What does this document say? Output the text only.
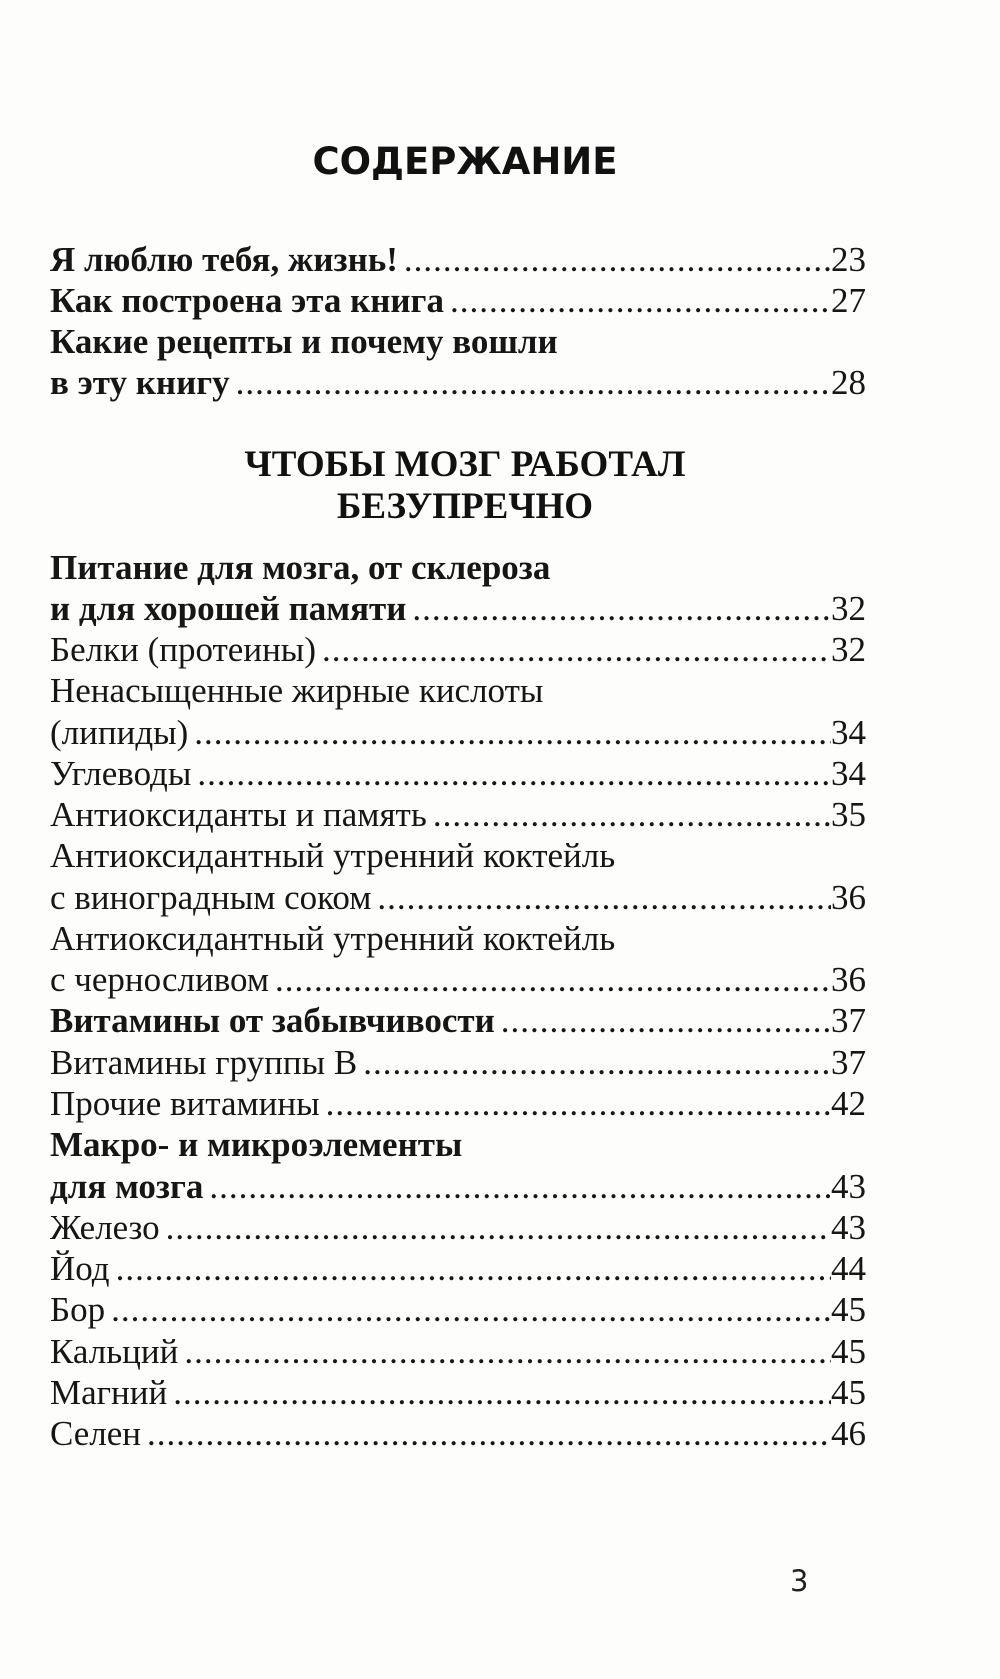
СОДЕРЖАНИЕ
Я люблю тебя, жизнь! .....	23
Как построена эта книга .....	27
Какие рецепты и почему вошли
в эту книгу .....	28
ЧТОБЫ МОЗГ РАБОТАЛ
БЕЗУПРЕЧНО
Питание для мозга, от склероза
и для хорошей памяти .....	32
Белки (протеины) .....	32
Ненасыщенные жирные кислоты
(липиды) .....	34
Углеводы .....	34
Антиоксиданты и память .....	35
Антиоксидантный утренний коктейль
с виноградным соком .....	36
Антиоксидантный утренний коктейль
с черносливом .....	36
Витамины от забывчивости .....	37
Витамины группы В .....	37
Прочие витамины .....	42
Макро- и микроэлементы
для мозга .....	43
Железо .....	43
Йод .....	44
Бор .....	45
Кальций .....	45
Магний .....	45
Селен .....	46
3
